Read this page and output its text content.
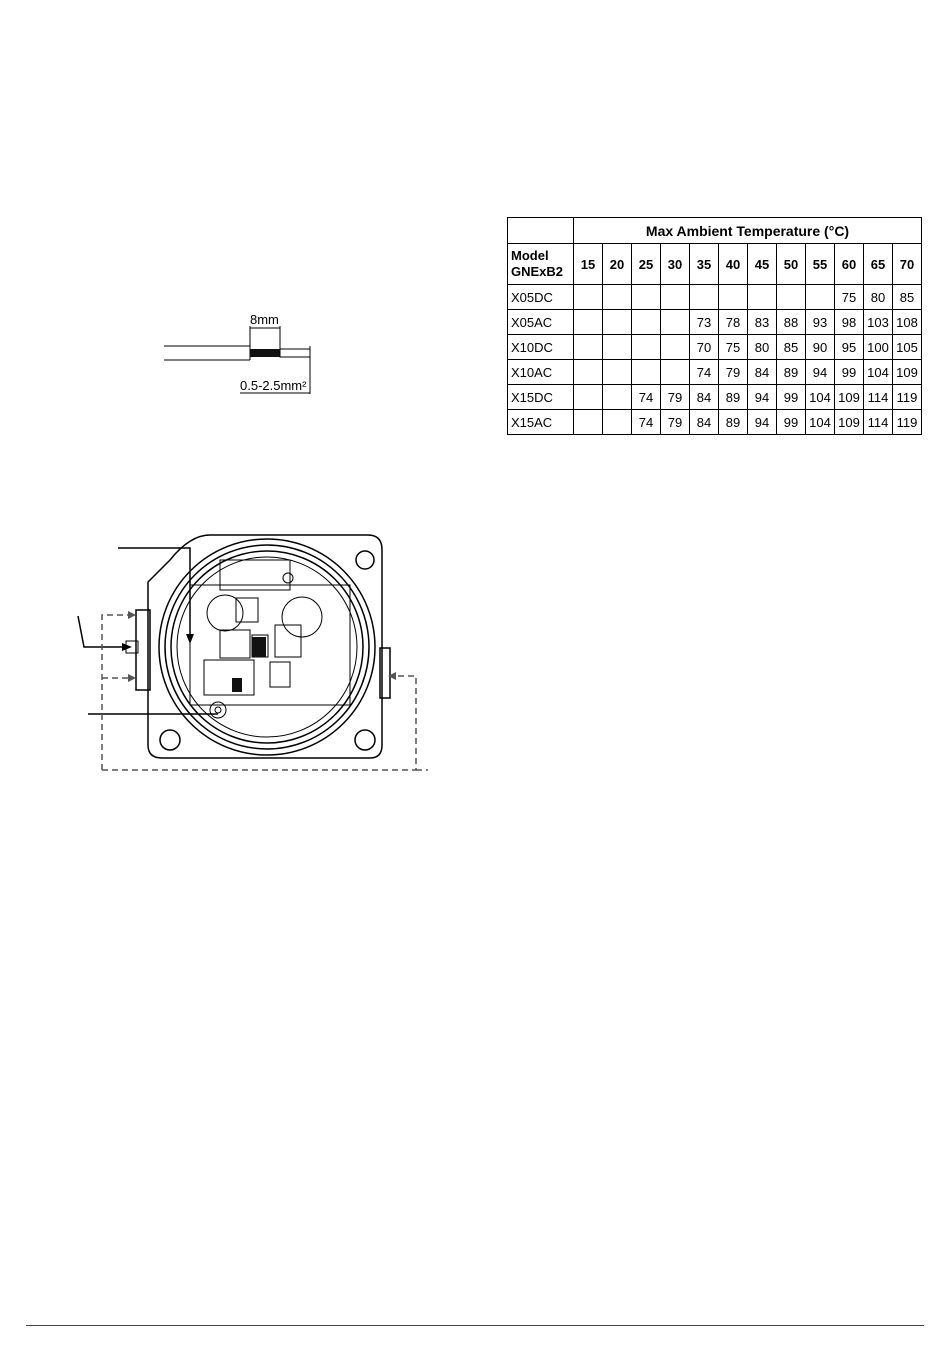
8mm
0.5-2.5mm²
	Max Ambient Temperature (°C)											
Model
GNExB2	15	20	25	30	35	40	45	50	55	60	65	70
X05DC										75	80	85
X05AC					73	78	83	88	93	98	103	108
X10DC					70	75	80	85	90	95	100	105
X10AC					74	79	84	89	94	99	104	109
X15DC			74	79	84	89	94	99	104	109	114	119
X15AC			74	79	84	89	94	99	104	109	114	119
